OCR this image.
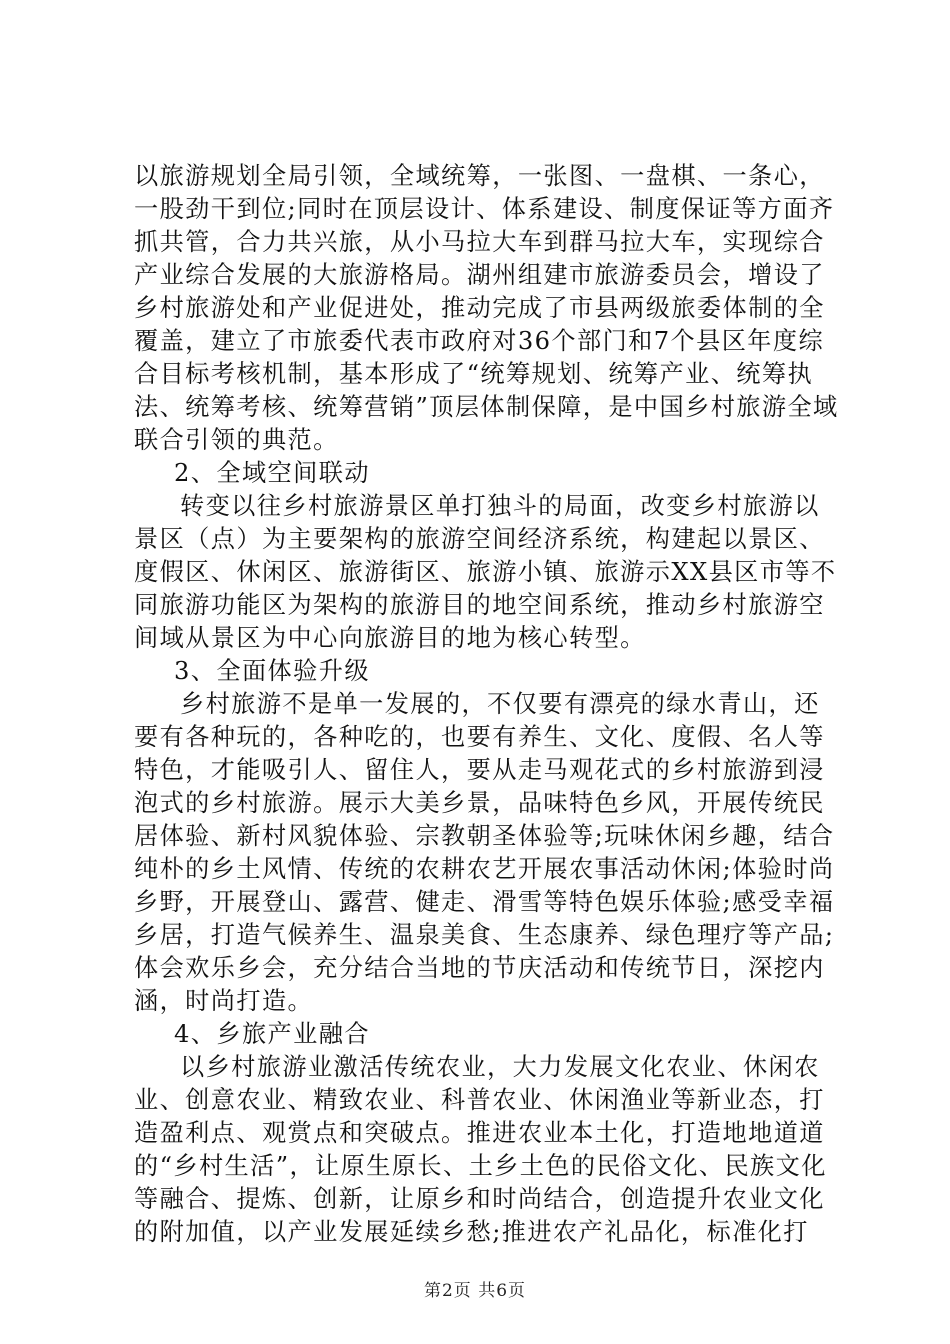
以旅游规划全局引领，全域统筹，一张图、一盘棋、一条心，一股劲干到位;同时在顶层设计、体系建设、制度保证等方面齐抓共管，合力共兴旅，从小马拉大车到群马拉大车，实现综合产业综合发展的大旅游格局。湖州组建市旅游委员会，增设了乡村旅游处和产业促进处，推动完成了市县两级旅委体制的全覆盖，建立了市旅委代表市政府对36个部门和7个县区年度综合目标考核机制，基本形成了“统筹规划、统筹产业、统筹执法、统筹考核、统筹营销”顶层体制保障，是中国乡村旅游全域联合引领的典范。

2、全域空间联动

转变以往乡村旅游景区单打独斗的局面，改变乡村旅游以景区（点）为主要架构的旅游空间经济系统，构建起以景区、度假区、休闲区、旅游街区、旅游小镇、旅游示XX县区市等不同旅游功能区为架构的旅游目的地空间系统，推动乡村旅游空间域从景区为中心向旅游目的地为核心转型。

3、全面体验升级

乡村旅游不是单一发展的，不仅要有漂亮的绿水青山，还要有各种玩的，各种吃的，也要有养生、文化、度假、名人等特色，才能吸引人、留住人，要从走马观花式的乡村旅游到浸泡式的乡村旅游。展示大美乡景，品味特色乡风，开展传统民居体验、新村风貌体验、宗教朝圣体验等;玩味休闲乡趣，结合纯朴的乡土风情、传统的农耕农艺开展农事活动休闲;体验时尚乡野，开展登山、露营、健走、滑雪等特色娱乐体验;感受幸福乡居，打造气候养生、温泉美食、生态康养、绿色理疗等产品;体会欢乐乡会，充分结合当地的节庆活动和传统节日，深挖内涵，时尚打造。

4、乡旅产业融合

以乡村旅游业激活传统农业，大力发展文化农业、休闲农业、创意农业、精致农业、科普农业、休闲渔业等新业态，打造盈利点、观赏点和突破点。推进农业本土化，打造地地道道的“乡村生活”，让原生原长、土乡土色的民俗文化、民族文化等融合、提炼、创新，让原乡和时尚结合，创造提升农业文化的附加值，以产业发展延续乡愁;推进农产礼品化，标准化打

第2页 共6页
